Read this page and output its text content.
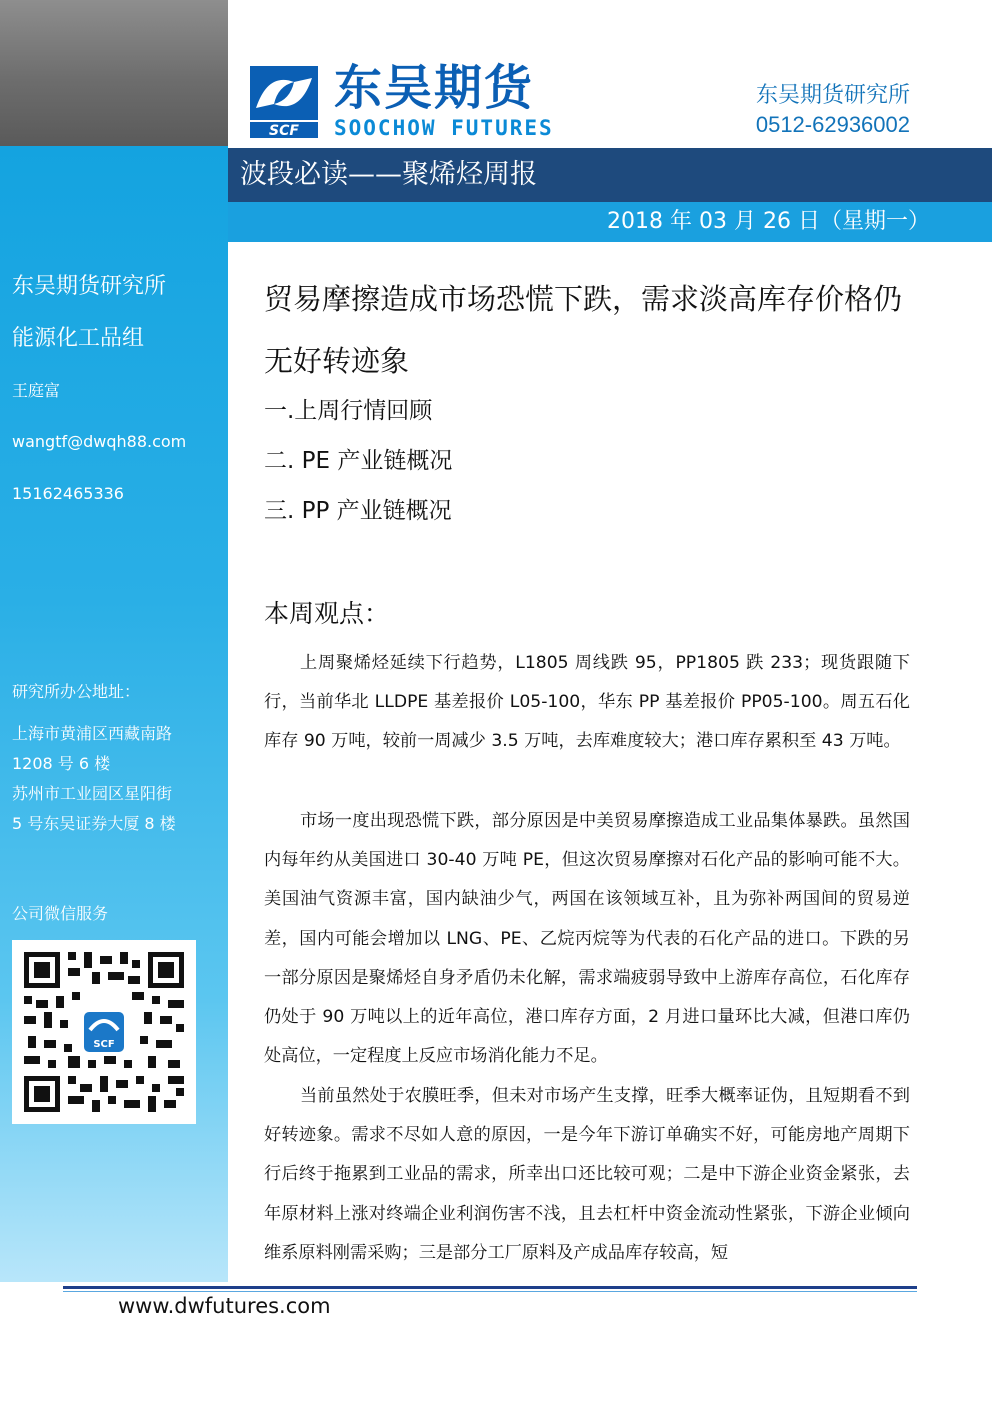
东吴期货研究所
能源化工品组
王庭富
wangtf@dwqh88.com
15162465336
研究所办公地址：
上海市黄浦区西藏南路
1208 号 6 楼
苏州市工业园区星阳街
5 号东吴证券大厦 8 楼
公司微信服务
SCF
SCF
东吴期货
SOOCHOW FUTURES
东吴期货研究所
0512-62936002
波段必读——聚烯烃周报
2018 年 03 月 26 日（星期一）
贸易摩擦造成市场恐慌下跌，需求淡高库存价格仍
无好转迹象
一.上周行情回顾
二. PE 产业链概况
三. PP 产业链概况
本周观点：

上周聚烯烃延续下行趋势，L1805 周线跌 95，PP1805 跌 233；现货跟随下行，当前华北 LLDPE 基差报价 L05-100，华东 PP 基差报价 PP05-100。周五石化库存 90 万吨，较前一周减少 3.5 万吨，去库难度较大；港口库存累积至 43 万吨。

市场一度出现恐慌下跌，部分原因是中美贸易摩擦造成工业品集体暴跌。虽然国内每年约从美国进口 30-40 万吨 PE，但这次贸易摩擦对石化产品的影响可能不大。美国油气资源丰富，国内缺油少气，两国在该领域互补，且为弥补两国间的贸易逆差，国内可能会增加以 LNG、PE、乙烷丙烷等为代表的石化产品的进口。下跌的另一部分原因是聚烯烃自身矛盾仍未化解，需求端疲弱导致中上游库存高位，石化库存仍处于 90 万吨以上的近年高位，港口库存方面，2 月进口量环比大减，但港口库仍处高位，一定程度上反应市场消化能力不足。

当前虽然处于农膜旺季，但未对市场产生支撑，旺季大概率证伪，且短期看不到好转迹象。需求不尽如人意的原因，一是今年下游订单确实不好，可能房地产周期下行后终于拖累到工业品的需求，所幸出口还比较可观；二是中下游企业资金紧张，去年原材料上涨对终端企业利润伤害不浅，且去杠杆中资金流动性紧张，下游企业倾向维系原料刚需采购；三是部分工厂原料及产成品库存较高，短

www.dwfutures.com
